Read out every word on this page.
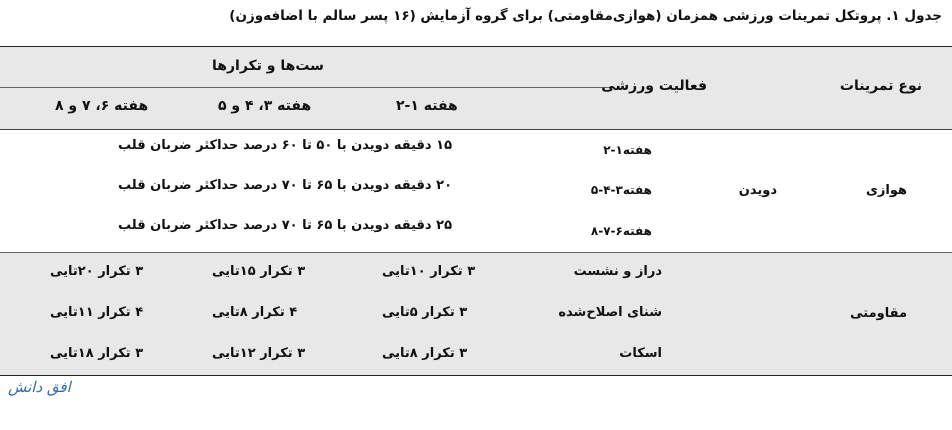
جدول ۱. پروتکل تمرینات ورزشی همزمان (هوازی‌مقاومتی) برای گروه آزمایش (۱۶ پسر سالم با اضافه‌وزن)
نوع تمرینات
فعالیت ورزشی
ست‌ها و تکرارها
هفته ۱-۲
هفته ۳، ۴ و ۵
هفته ۶، ۷ و ۸
هوازی
دویدن
هفته۱-۲
۱۵ دقیقه دویدن با ۵۰ تا ۶۰ درصد حداکثر ضربان قلب
هفته۳-۴-۵
۲۰ دقیقه دویدن با ۶۵ تا ۷۰ درصد حداکثر ضربان قلب
هفته۶-۷-۸
۲۵ دقیقه دویدن با ۶۵ تا ۷۰ درصد حداکثر ضربان قلب
مقاومتی
دراز و نشست
۳ تکرار ۱۰تایی
۳ تکرار ۱۵تایی
۳ تکرار ۲۰تایی
شنای اصلاح‌شده
۳ تکرار ۵تایی
۴ تکرار ۸تایی
۴ تکرار ۱۱تایی
اسکات
۳ تکرار ۸تایی
۳ تکرار ۱۲تایی
۳ تکرار ۱۸تایی
افق دانش
